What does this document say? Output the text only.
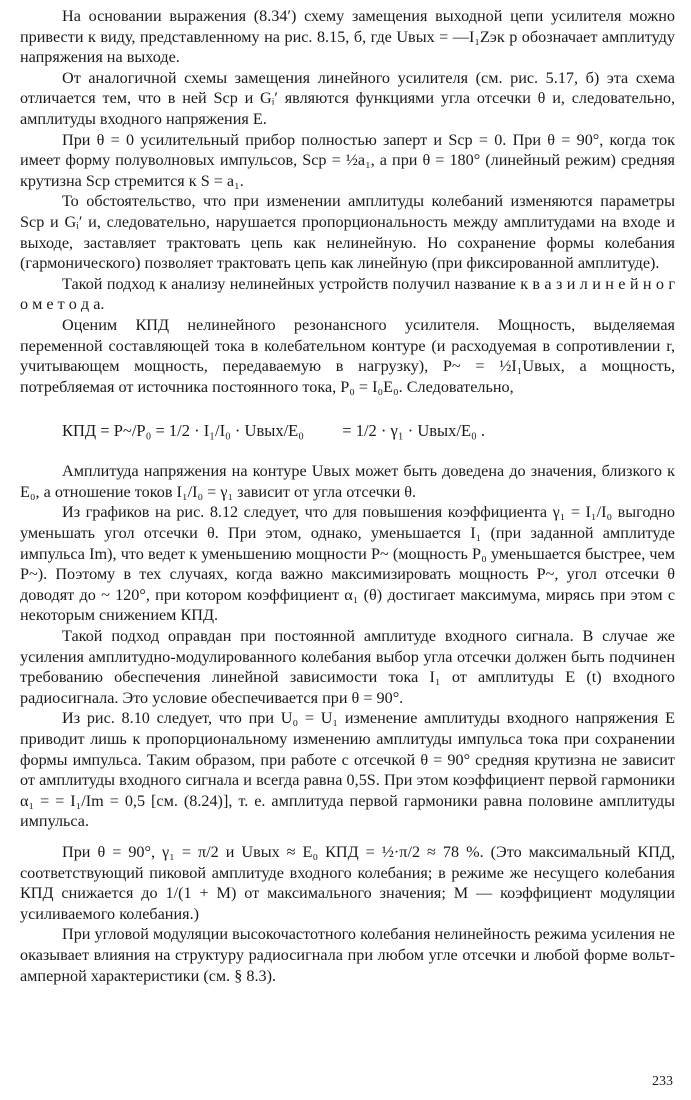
На основании выражения (8.34′) схему замещения выходной цепи усилителя можно привести к виду, представленному на рис. 8.15, б, где Uвых = —I₁Zэк р обозначает амплитуду напряжения на выходе.

От аналогичной схемы замещения линейного усилителя (см. рис. 5.17, б) эта схема отличается тем, что в ней Sср и Gᵢ′ являются функциями угла отсечки θ и, следовательно, амплитуды входного напряжения E.

При θ = 0 усилительный прибор полностью заперт и Sср = 0. При θ = 90°, когда ток имеет форму полуволновых импульсов, Sср = ½a₁, а при θ = 180° (линейный режим) средняя крутизна Sср стремится к S = a₁.

То обстоятельство, что при изменении амплитуды колебаний изменяются параметры Sср и Gᵢ′ и, следовательно, нарушается пропорциональность между амплитудами на входе и выходе, заставляет трактовать цепь как нелинейную. Но сохранение формы колебания (гармонического) позволяет трактовать цепь как линейную (при фиксированной амплитуде).

Такой подход к анализу нелинейных устройств получил название к в а з и л и н е й н о г о м е т о д а.

Оценим КПД нелинейного резонансного усилителя. Мощность, выделяемая переменной составляющей тока в колебательном контуре (и расходуемая в сопротивлении r, учитывающем мощность, передаваемую в нагрузку), P~ = ½I₁Uвых, а мощность, потребляемая от источника постоянного тока, P₀ = I₀E₀. Следовательно,

КПД = P~/P₀ = 1/2 · I₁/I₀ · Uвых/E₀ = 1/2 · γ₁ · Uвых/E₀ .

Амплитуда напряжения на контуре Uвых может быть доведена до значения, близкого к E₀, а отношение токов I₁/I₀ = γ₁ зависит от угла отсечки θ.

Из графиков на рис. 8.12 следует, что для повышения коэффициента γ₁ = I₁/I₀ выгодно уменьшать угол отсечки θ. При этом, однако, уменьшается I₁ (при заданной амплитуде импульса Im), что ведет к уменьшению мощности P~ (мощность P₀ уменьшается быстрее, чем P~). Поэтому в тех случаях, когда важно максимизировать мощность P~, угол отсечки θ доводят до ~ 120°, при котором коэффициент α₁ (θ) достигает максимума, мирясь при этом с некоторым снижением КПД.

Такой подход оправдан при постоянной амплитуде входного сигнала. В случае же усиления амплитудно-модулированного колебания выбор угла отсечки должен быть подчинен требованию обеспечения линейной зависимости тока I₁ от амплитуды E (t) входного радиосигнала. Это условие обеспечивается при θ = 90°.

Из рис. 8.10 следует, что при U₀ = U₁ изменение амплитуды входного напряжения E приводит лишь к пропорциональному изменению амплитуды импульса тока при сохранении формы импульса. Таким образом, при работе с отсечкой θ = 90° средняя крутизна не зависит от амплитуды входного сигнала и всегда равна 0,5S. При этом коэффициент первой гармоники α₁ = = I₁/Im = 0,5 [см. (8.24)], т. е. амплитуда первой гармоники равна половине амплитуды импульса.

При θ = 90°, γ₁ = π/2 и Uвых ≈ E₀ КПД = ½·π/2 ≈ 78 %. (Это максимальный КПД, соответствующий пиковой амплитуде входного колебания; в режиме же несущего колебания КПД снижается до 1/(1 + M) от максимального значения; M — коэффициент модуляции усиливаемого колебания.)

При угловой модуляции высокочастотного колебания нелинейность режима усиления не оказывает влияния на структуру радиосигнала при любом угле отсечки и любой форме вольт-амперной характеристики (см. § 8.3).

233
